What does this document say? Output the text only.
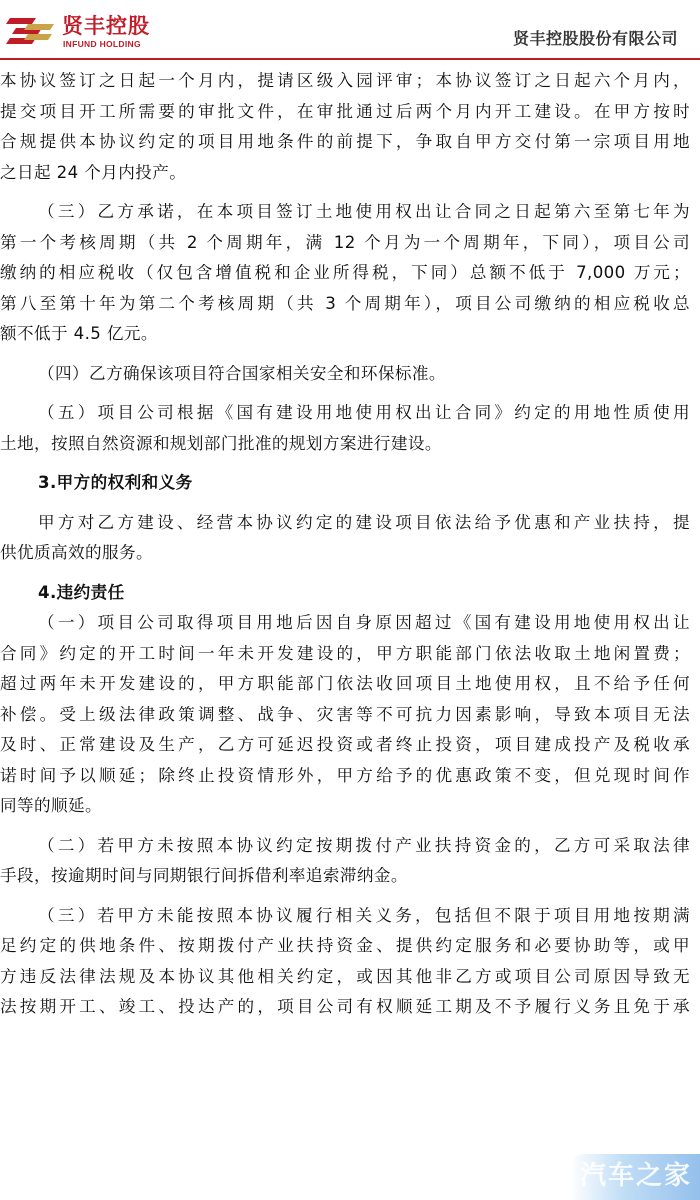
贤丰控股
INFUND HOLDING	贤丰控股股份有限公司

本协议签订之日起一个月内，提请区级入园评审；本协议签订之日起六个月内，

提交项目开工所需要的审批文件，在审批通过后两个月内开工建设。在甲方按时

合规提供本协议约定的项目用地条件的前提下，争取自甲方交付第一宗项目用地

之日起 24 个月内投产。

（三）乙方承诺，在本项目签订土地使用权出让合同之日起第六至第七年为

第一个考核周期（共 2 个周期年，满 12 个月为一个周期年，下同），项目公司

缴纳的相应税收（仅包含增值税和企业所得税，下同）总额不低于 7,000 万元；

第八至第十年为第二个考核周期（共 3 个周期年），项目公司缴纳的相应税收总

额不低于 4.5 亿元。

（四）乙方确保该项目符合国家相关安全和环保标准。

（五）项目公司根据《国有建设用地使用权出让合同》约定的用地性质使用

土地，按照自然资源和规划部门批准的规划方案进行建设。

3.甲方的权利和义务

甲方对乙方建设、经营本协议约定的建设项目依法给予优惠和产业扶持，提

供优质高效的服务。

4.违约责任

（一）项目公司取得项目用地后因自身原因超过《国有建设用地使用权出让

合同》约定的开工时间一年未开发建设的，甲方职能部门依法收取土地闲置费；

超过两年未开发建设的，甲方职能部门依法收回项目土地使用权，且不给予任何

补偿。受上级法律政策调整、战争、灾害等不可抗力因素影响，导致本项目无法

及时、正常建设及生产，乙方可延迟投资或者终止投资，项目建成投产及税收承

诺时间予以顺延；除终止投资情形外，甲方给予的优惠政策不变，但兑现时间作

同等的顺延。

（二）若甲方未按照本协议约定按期拨付产业扶持资金的，乙方可采取法律

手段，按逾期时间与同期银行间拆借利率追索滞纳金。

（三）若甲方未能按照本协议履行相关义务，包括但不限于项目用地按期满

足约定的供地条件、按期拨付产业扶持资金、提供约定服务和必要协助等，或甲

方违反法律法规及本协议其他相关约定，或因其他非乙方或项目公司原因导致无

法按期开工、竣工、投达产的，项目公司有权顺延工期及不予履行义务且免于承

汽车之家
